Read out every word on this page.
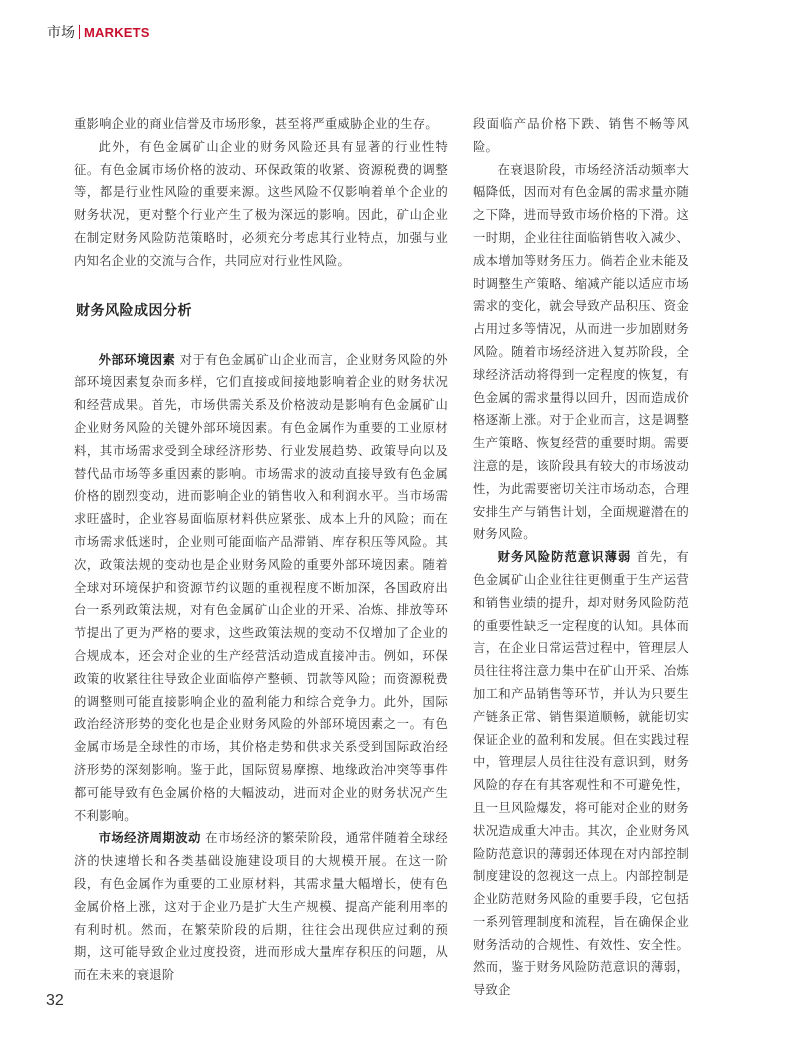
市场 MARKETS

重影响企业的商业信誉及市场形象，甚至将严重威胁企业的生存。

此外，有色金属矿山企业的财务风险还具有显著的行业性特征。有色金属市场价格的波动、环保政策的收紧、资源税费的调整等，都是行业性风险的重要来源。这些风险不仅影响着单个企业的财务状况，更对整个行业产生了极为深远的影响。因此，矿山企业在制定财务风险防范策略时，必须充分考虑其行业特点，加强与业内知名企业的交流与合作，共同应对行业性风险。

财务风险成因分析

外部环境因素 对于有色金属矿山企业而言，企业财务风险的外部环境因素复杂而多样，它们直接或间接地影响着企业的财务状况和经营成果。首先，市场供需关系及价格波动是影响有色金属矿山企业财务风险的关键外部环境因素。有色金属作为重要的工业原材料，其市场需求受到全球经济形势、行业发展趋势、政策导向以及替代品市场等多重因素的影响。市场需求的波动直接导致有色金属价格的剧烈变动，进而影响企业的销售收入和利润水平。当市场需求旺盛时，企业容易面临原材料供应紧张、成本上升的风险；而在市场需求低迷时，企业则可能面临产品滞销、库存积压等风险。其次，政策法规的变动也是企业财务风险的重要外部环境因素。随着全球对环境保护和资源节约议题的重视程度不断加深，各国政府出台一系列政策法规，对有色金属矿山企业的开采、冶炼、排放等环节提出了更为严格的要求，这些政策法规的变动不仅增加了企业的合规成本，还会对企业的生产经营活动造成直接冲击。例如，环保政策的收紧往往导致企业面临停产整顿、罚款等风险；而资源税费的调整则可能直接影响企业的盈利能力和综合竞争力。此外，国际政治经济形势的变化也是企业财务风险的外部环境因素之一。有色金属市场是全球性的市场，其价格走势和供求关系受到国际政治经济形势的深刻影响。鉴于此，国际贸易摩擦、地缘政治冲突等事件都可能导致有色金属价格的大幅波动，进而对企业的财务状况产生不利影响。

市场经济周期波动 在市场经济的繁荣阶段，通常伴随着全球经济的快速增长和各类基础设施建设项目的大规模开展。在这一阶段，有色金属作为重要的工业原材料，其需求量大幅增长，使有色金属价格上涨，这对于企业乃是扩大生产规模、提高产能利用率的有利时机。然而，在繁荣阶段的后期，往往会出现供应过剩的预期，这可能导致企业过度投资，进而形成大量库存积压的问题，从而在未来的衰退阶

段面临产品价格下跌、销售不畅等风险。

在衰退阶段，市场经济活动频率大幅降低，因而对有色金属的需求量亦随之下降，进而导致市场价格的下滑。这一时期，企业往往面临销售收入减少、成本增加等财务压力。倘若企业未能及时调整生产策略、缩减产能以适应市场需求的变化，就会导致产品积压、资金占用过多等情况，从而进一步加剧财务风险。随着市场经济进入复苏阶段，全球经济活动将得到一定程度的恢复，有色金属的需求量得以回升，因而造成价格逐渐上涨。对于企业而言，这是调整生产策略、恢复经营的重要时期。需要注意的是，该阶段具有较大的市场波动性，为此需要密切关注市场动态，合理安排生产与销售计划，全面规避潜在的财务风险。

财务风险防范意识薄弱 首先，有色金属矿山企业往往更侧重于生产运营和销售业绩的提升，却对财务风险防范的重要性缺乏一定程度的认知。具体而言，在企业日常运营过程中，管理层人员往往将注意力集中在矿山开采、冶炼加工和产品销售等环节，并认为只要生产链条正常、销售渠道顺畅，就能切实保证企业的盈利和发展。但在实践过程中，管理层人员往往没有意识到，财务风险的存在有其客观性和不可避免性，且一旦风险爆发，将可能对企业的财务状况造成重大冲击。其次，企业财务风险防范意识的薄弱还体现在对内部控制制度建设的忽视这一点上。内部控制是企业防范财务风险的重要手段，它包括一系列管理制度和流程，旨在确保企业财务活动的合规性、有效性、安全性。然而，鉴于财务风险防范意识的薄弱，导致企

32
